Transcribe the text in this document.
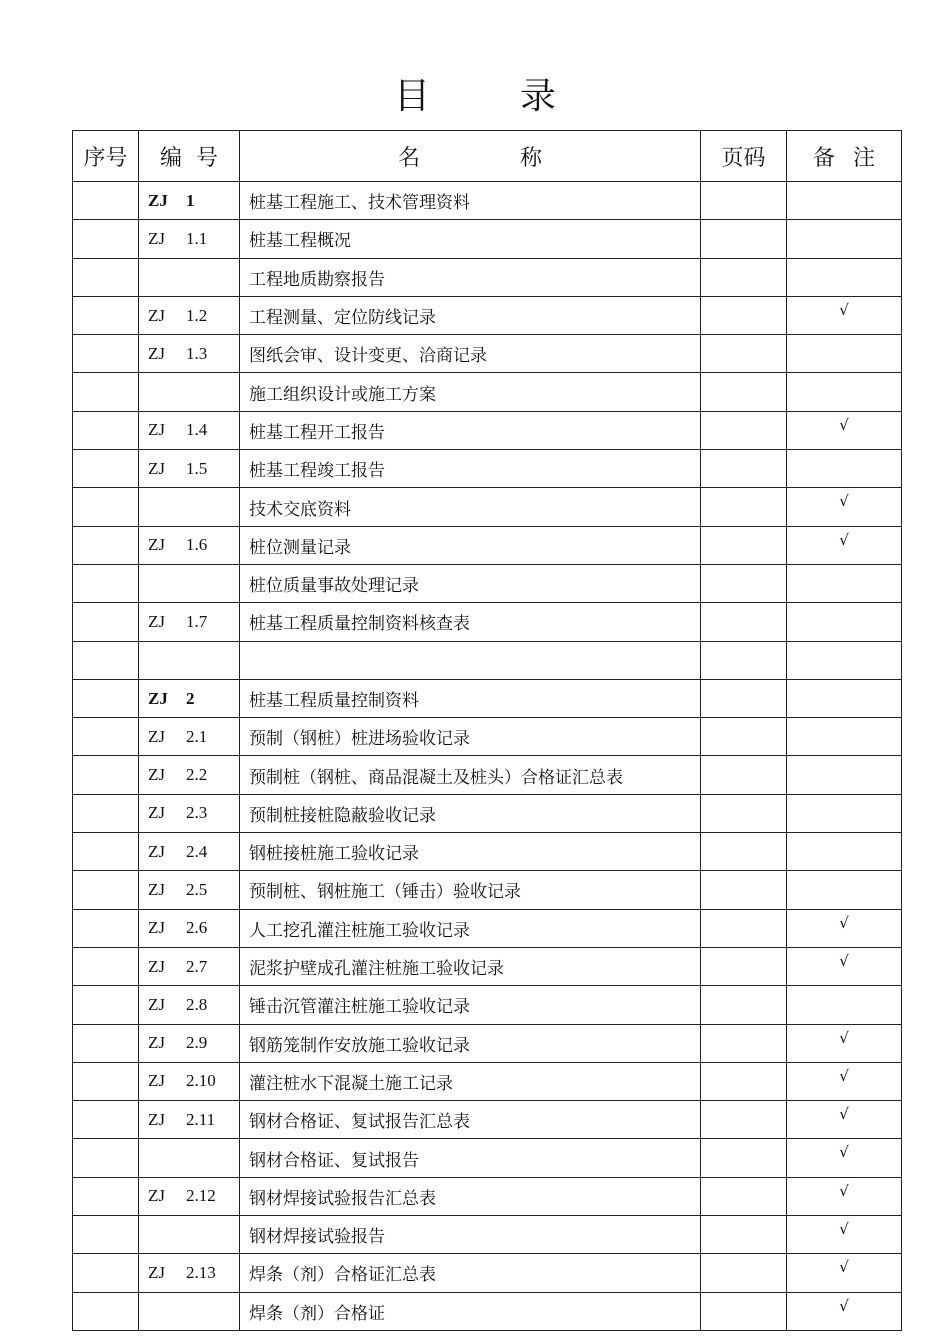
目	录
序号	编 号	名 称	页码	备 注
	ZJ 1	桩基工程施工、技术管理资料		
	ZJ 1.1	桩基工程概况		
		工程地质勘察报告		
	ZJ 1.2	工程测量、定位防线记录		√
	ZJ 1.3	图纸会审、设计变更、洽商记录		
		施工组织设计或施工方案		
	ZJ 1.4	桩基工程开工报告		√
	ZJ 1.5	桩基工程竣工报告		
		技术交底资料		√
	ZJ 1.6	桩位测量记录		√
		桩位质量事故处理记录		
	ZJ 1.7	桩基工程质量控制资料核查表		

	ZJ 2	桩基工程质量控制资料		
	ZJ 2.1	预制（钢桩）桩进场验收记录		
	ZJ 2.2	预制桩（钢桩、商品混凝土及桩头）合格证汇总表		
	ZJ 2.3	预制桩接桩隐蔽验收记录		
	ZJ 2.4	钢桩接桩施工验收记录		
	ZJ 2.5	预制桩、钢桩施工（锤击）验收记录		
	ZJ 2.6	人工挖孔灌注桩施工验收记录		√
	ZJ 2.7	泥浆护壁成孔灌注桩施工验收记录		√
	ZJ 2.8	锤击沉管灌注桩施工验收记录		
	ZJ 2.9	钢筋笼制作安放施工验收记录		√
	ZJ 2.10	灌注桩水下混凝土施工记录		√
	ZJ 2.11	钢材合格证、复试报告汇总表		√
		钢材合格证、复试报告		√
	ZJ 2.12	钢材焊接试验报告汇总表		√
		钢材焊接试验报告		√
	ZJ 2.13	焊条（剂）合格证汇总表		√
		焊条（剂）合格证		√
